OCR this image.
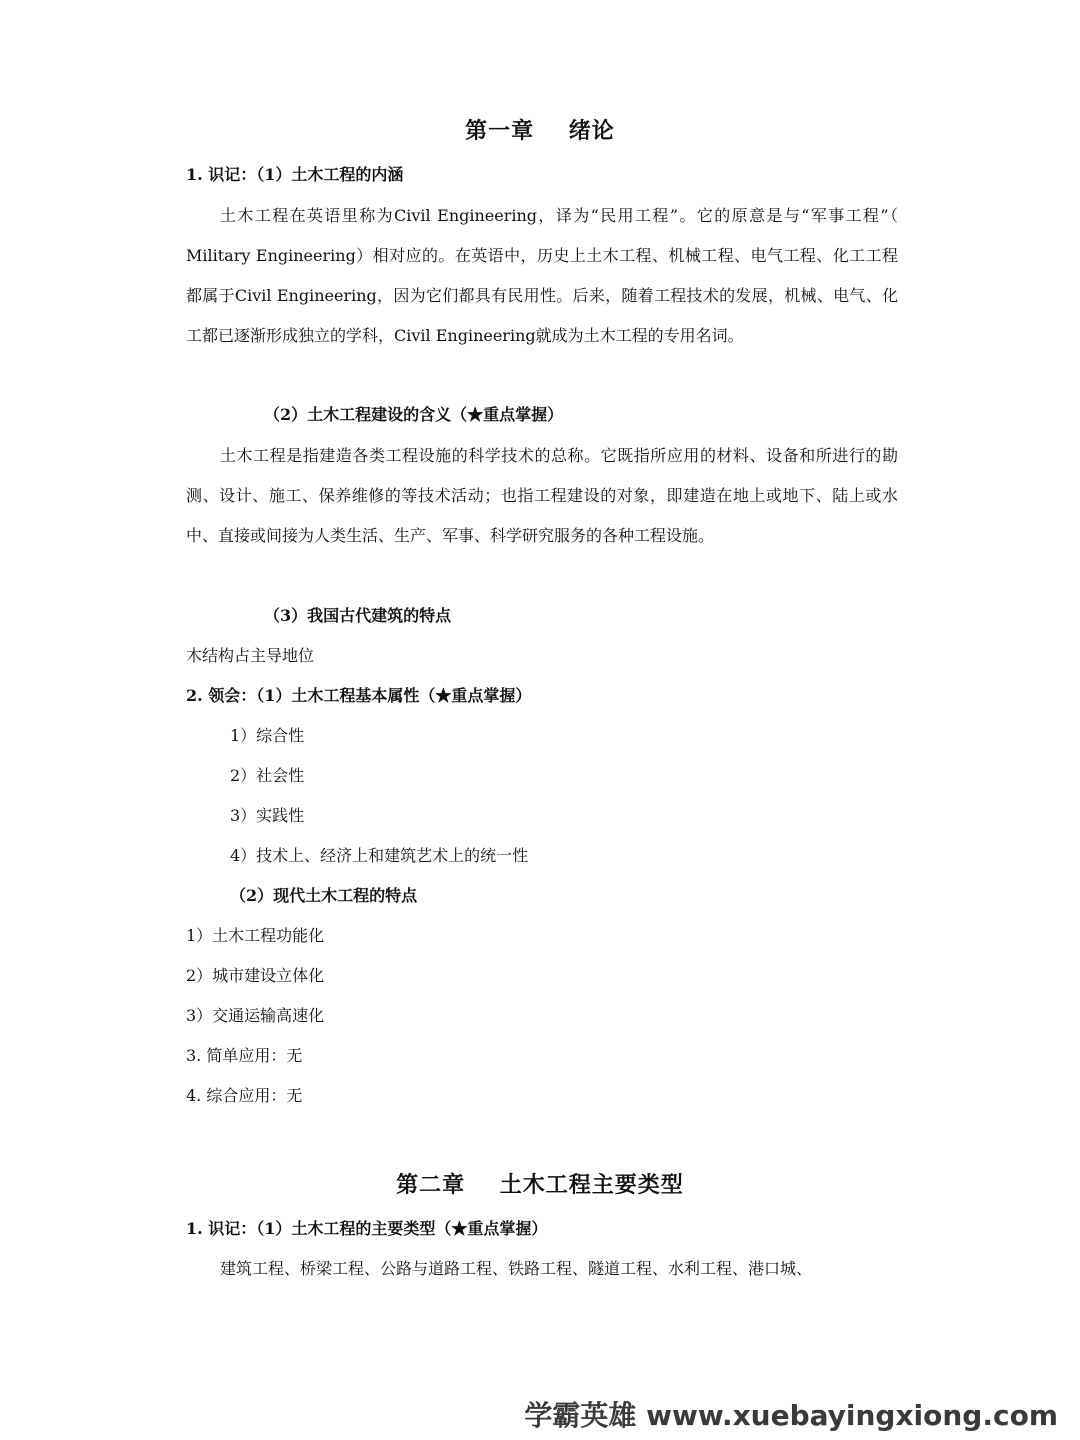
第一章    绪论
1. 识记：（1）土木工程的内涵
土木工程在英语里称为Civil Engineering，译为“民用工程”。它的原意是与“军事工程”（ Military Engineering）相对应的。在英语中，历史上土木工程、机械工程、电气工程、化工工程都属于Civil Engineering，因为它们都具有民用性。后来，随着工程技术的发展，机械、电气、化工都已逐渐形成独立的学科，Civil Engineering就成为土木工程的专用名词。
（2）土木工程建设的含义（★重点掌握）
土木工程是指建造各类工程设施的科学技术的总称。它既指所应用的材料、设备和所进行的勘测、设计、施工、保养维修的等技术活动；也指工程建设的对象，即建造在地上或地下、陆上或水中、直接或间接为人类生活、生产、军事、科学研究服务的各种工程设施。
（3）我国古代建筑的特点
木结构占主导地位
2. 领会：（1）土木工程基本属性（★重点掌握）
1）综合性
2）社会性
3）实践性
4）技术上、经济上和建筑艺术上的统一性
（2）现代土木工程的特点
1）土木工程功能化
2）城市建设立体化
3）交通运输高速化
3. 简单应用：无
4. 综合应用：无
第二章    土木工程主要类型
1. 识记：（1）土木工程的主要类型（★重点掌握）
建筑工程、桥梁工程、公路与道路工程、铁路工程、隧道工程、水利工程、港口城、
学霸英雄 www.xuebayingxiong.com
